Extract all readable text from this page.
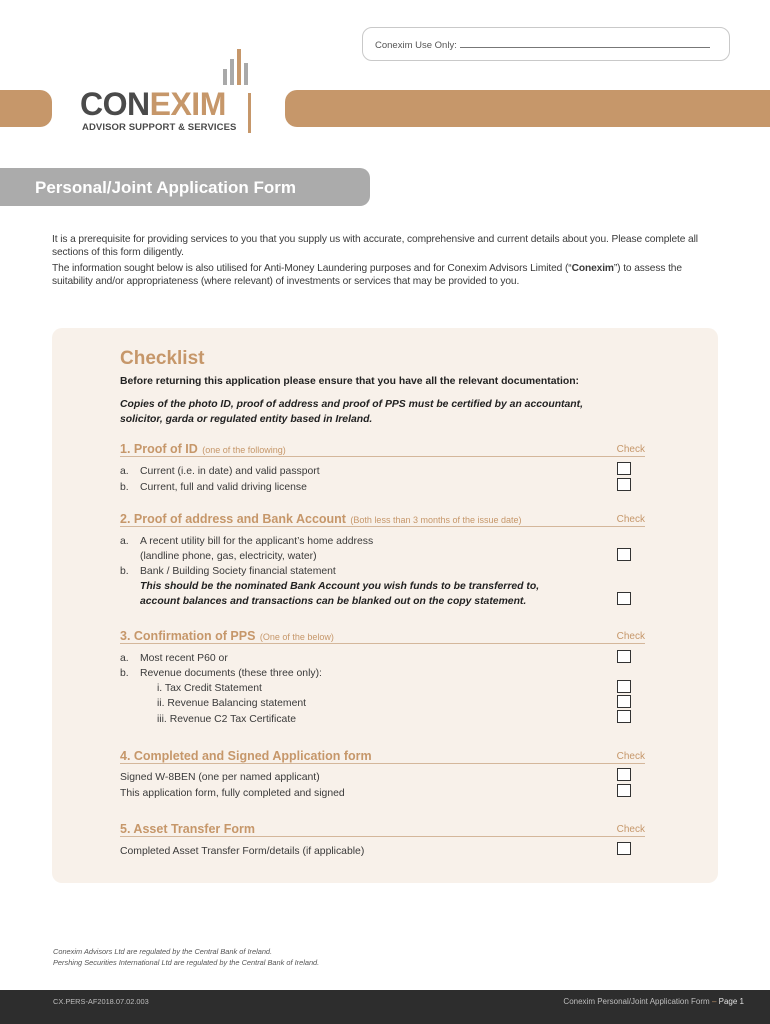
Conexim Use Only:
CONEXIM
ADVISOR SUPPORT & SERVICES
Personal/Joint Application Form

It is a prerequisite for providing services to you that you supply us with accurate, comprehensive and current details about you. Please complete all sections of this form diligently.

The information sought below is also utilised for Anti-Money Laundering purposes and for Conexim Advisors Limited (“Conexim”) to assess the suitability and/or appropriateness (where relevant) of investments or services that may be provided to you.

Checklist
Before returning this application please ensure that you have all the relevant documentation:
Copies of the photo ID, proof of address and proof of PPS must be certified by an accountant, solicitor, garda or regulated entity based in Ireland.
1. Proof of ID (one of the following)	Check
a. Current (i.e. in date) and valid passport
b. Current, full and valid driving license
2. Proof of address and Bank Account (Both less than 3 months of the issue date)	Check
a. A recent utility bill for the applicant’s home address
(landline phone, gas, electricity, water)
b. Bank / Building Society financial statement
This should be the nominated Bank Account you wish funds to be transferred to,
account balances and transactions can be blanked out on the copy statement.
3. Confirmation of PPS (One of the below)	Check
a. Most recent P60 or
b. Revenue documents (these three only):
i. Tax Credit Statement
ii. Revenue Balancing statement
iii. Revenue C2 Tax Certificate
4. Completed and Signed Application form	Check
Signed W-8BEN (one per named applicant)
This application form, fully completed and signed
5. Asset Transfer Form	Check
Completed Asset Transfer Form/details (if applicable)
Conexim Advisors Ltd are regulated by the Central Bank of Ireland.
Pershing Securities International Ltd are regulated by the Central Bank of Ireland.
CX.PERS-AF2018.07.02.003	Conexim Personal/Joint Application Form – Page 1
